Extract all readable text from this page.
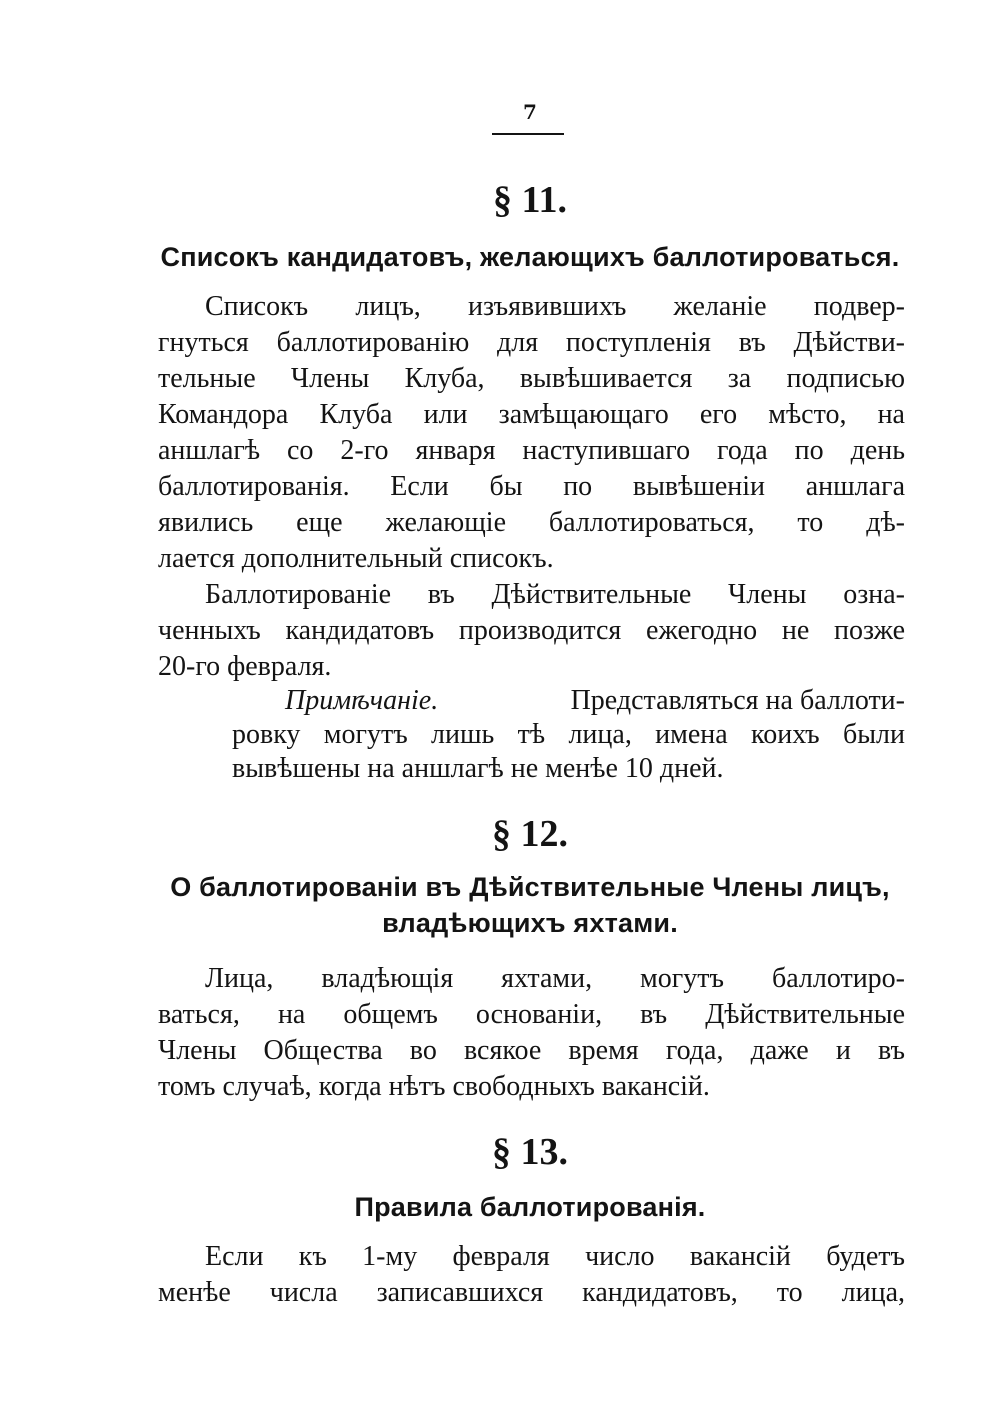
7
§ 11.
Списокъ кандидатовъ, желающихъ баллотироваться.
Списокъ лицъ, изъявившихъ желаніе подвер-
гнуться баллотированію для поступленія въ Дѣйстви-
тельные Члены Клуба, вывѣшивается за подписью
Командора Клуба или замѣщающаго его мѣсто, на
аншлагѣ со 2-го января наступившаго года по день
баллотированія. Если бы по вывѣшеніи аншлага
явились еще желающіе баллотироваться, то дѣ-
лается дополнительный списокъ.
Баллотированіе въ Дѣйствительные Члены озна-
ченныхъ кандидатовъ производится ежегодно не позже
20-го февраля.
Примѣчаніе.	Представляться на баллоти-
ровку могутъ лишь тѣ лица, имена коихъ были
вывѣшены на аншлагѣ не менѣе 10 дней.
§ 12.
О баллотированіи въ Дѣйствительные Члены лицъ,
владѣющихъ яхтами.
Лица, владѣющія яхтами, могутъ баллотиро-
ваться, на общемъ основаніи, въ Дѣйствительные
Члены Общества во всякое время года, даже и въ
томъ случаѣ, когда нѣтъ свободныхъ вакансій.
§ 13.
Правила баллотированія.
Если къ 1-му февраля число вакансій будетъ
менѣе числа записавшихся кандидатовъ, то лица,
